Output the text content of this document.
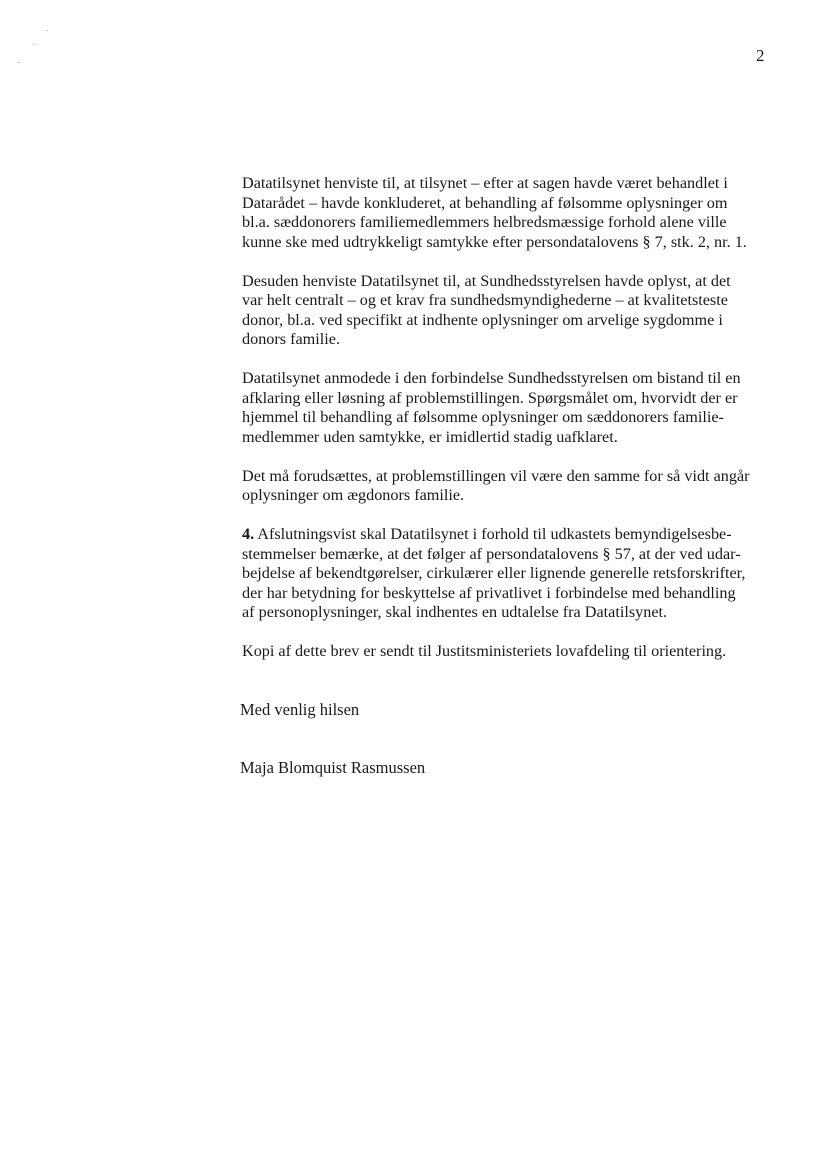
2

Datatilsynet henviste til, at tilsynet – efter at sagen havde været behandlet i
Datarådet – havde konkluderet, at behandling af følsomme oplysninger om
bl.a. sæddonorers familiemedlemmers helbredsmæssige forhold alene ville
kunne ske med udtrykkeligt samtykke efter persondatalovens § 7, stk. 2, nr. 1.

Desuden henviste Datatilsynet til, at Sundhedsstyrelsen havde oplyst, at det
var helt centralt – og et krav fra sundhedsmyndighederne – at kvalitetsteste
donor, bl.a. ved specifikt at indhente oplysninger om arvelige sygdomme i
donors familie.

Datatilsynet anmodede i den forbindelse Sundhedsstyrelsen om bistand til en
afklaring eller løsning af problemstillingen. Spørgsmålet om, hvorvidt der er
hjemmel til behandling af følsomme oplysninger om sæddonorers familie-
medlemmer uden samtykke, er imidlertid stadig uafklaret.

Det må forudsættes, at problemstillingen vil være den samme for så vidt angår
oplysninger om ægdonors familie.

4. Afslutningsvist skal Datatilsynet i forhold til udkastets bemyndigelsesbe-
stemmelser bemærke, at det følger af persondatalovens § 57, at der ved udar-
bejdelse af bekendtgørelser, cirkulærer eller lignende generelle retsforskrifter,
der har betydning for beskyttelse af privatlivet i forbindelse med behandling
af personoplysninger, skal indhentes en udtalelse fra Datatilsynet.

Kopi af dette brev er sendt til Justitsministeriets lovafdeling til orientering.

Med venlig hilsen
Maja Blomquist Rasmussen
